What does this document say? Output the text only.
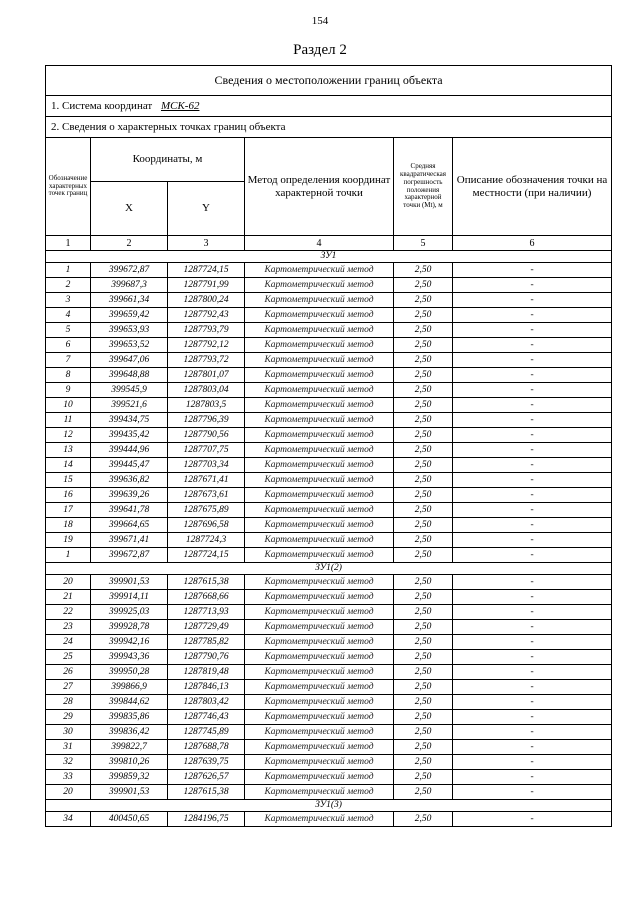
154
Раздел 2
Сведения о местоположении границ объекта					
1. Система координат МСК-62					
2. Сведения о характерных точках границ объекта					
Обозначение характерных точек границ	Координаты, м		Метод определения координат характерной точки	Средняя квадратическая погрешность положения характерной точки (Mt), м	Описание обозначения точки на местности (при наличии)
	X	Y			
1	2	3	4	5	6
ЗУ1					
1	399672,87	1287724,15	Картометрический метод	2,50	-
2	399687,3	1287791,99	Картометрический метод	2,50	-
3	399661,34	1287800,24	Картометрический метод	2,50	-
4	399659,42	1287792,43	Картометрический метод	2,50	-
5	399653,93	1287793,79	Картометрический метод	2,50	-
6	399653,52	1287792,12	Картометрический метод	2,50	-
7	399647,06	1287793,72	Картометрический метод	2,50	-
8	399648,88	1287801,07	Картометрический метод	2,50	-
9	399545,9	1287803,04	Картометрический метод	2,50	-
10	399521,6	1287803,5	Картометрический метод	2,50	-
11	399434,75	1287796,39	Картометрический метод	2,50	-
12	399435,42	1287790,56	Картометрический метод	2,50	-
13	399444,96	1287707,75	Картометрический метод	2,50	-
14	399445,47	1287703,34	Картометрический метод	2,50	-
15	399636,82	1287671,41	Картометрический метод	2,50	-
16	399639,26	1287673,61	Картометрический метод	2,50	-
17	399641,78	1287675,89	Картометрический метод	2,50	-
18	399664,65	1287696,58	Картометрический метод	2,50	-
19	399671,41	1287724,3	Картометрический метод	2,50	-
1	399672,87	1287724,15	Картометрический метод	2,50	-
ЗУ1(2)					
20	399901,53	1287615,38	Картометрический метод	2,50	-
21	399914,11	1287668,66	Картометрический метод	2,50	-
22	399925,03	1287713,93	Картометрический метод	2,50	-
23	399928,78	1287729,49	Картометрический метод	2,50	-
24	399942,16	1287785,82	Картометрический метод	2,50	-
25	399943,36	1287790,76	Картометрический метод	2,50	-
26	399950,28	1287819,48	Картометрический метод	2,50	-
27	399866,9	1287846,13	Картометрический метод	2,50	-
28	399844,62	1287803,42	Картометрический метод	2,50	-
29	399835,86	1287746,43	Картометрический метод	2,50	-
30	399836,42	1287745,89	Картометрический метод	2,50	-
31	399822,7	1287688,78	Картометрический метод	2,50	-
32	399810,26	1287639,75	Картометрический метод	2,50	-
33	399859,32	1287626,57	Картометрический метод	2,50	-
20	399901,53	1287615,38	Картометрический метод	2,50	-
ЗУ1(3)					
34	400450,65	1284196,75	Картометрический метод	2,50	-
